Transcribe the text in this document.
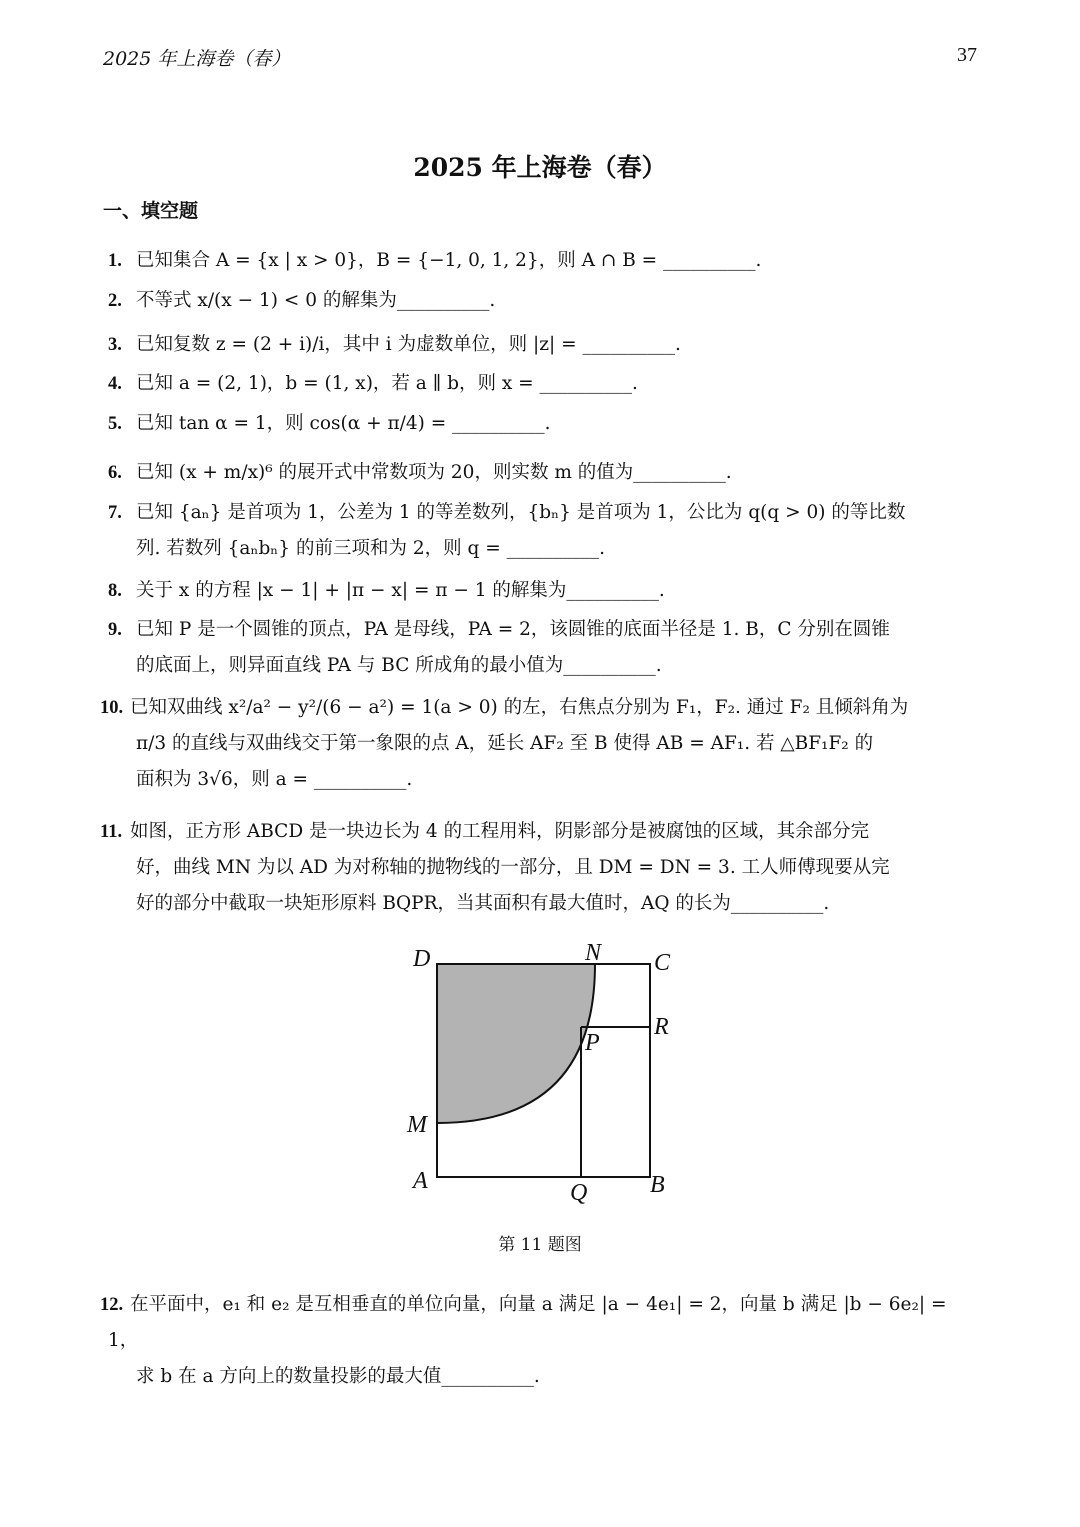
2025 年上海卷（春）	37
2025 年上海卷（春）
一、填空题
1. 已知集合 A = {x | x > 0}，B = {−1, 0, 1, 2}，则 A ∩ B = __________.
2. 不等式 x/(x − 1) < 0 的解集为__________.
3. 已知复数 z = (2 + i)/i，其中 i 为虚数单位，则 |z| = __________.
4. 已知 a = (2, 1)，b = (1, x)，若 a ∥ b，则 x = __________.
5. 已知 tan α = 1，则 cos(α + π/4) = __________.
6. 已知 (x + m/x)⁶ 的展开式中常数项为 20，则实数 m 的值为__________.
7. 已知 {aₙ} 是首项为 1，公差为 1 的等差数列，{bₙ} 是首项为 1，公比为 q(q > 0) 的等比数
列. 若数列 {aₙbₙ} 的前三项和为 2，则 q = __________.
8. 关于 x 的方程 |x − 1| + |π − x| = π − 1 的解集为__________.
9. 已知 P 是一个圆锥的顶点，PA 是母线，PA = 2，该圆锥的底面半径是 1. B，C 分别在圆锥
的底面上，则异面直线 PA 与 BC 所成角的最小值为__________.
10. 已知双曲线 x²/a² − y²/(6 − a²) = 1(a > 0) 的左，右焦点分别为 F₁，F₂. 通过 F₂ 且倾斜角为
π/3 的直线与双曲线交于第一象限的点 A，延长 AF₂ 至 B 使得 AB = AF₁. 若 △BF₁F₂ 的
面积为 3√6，则 a = __________.
11. 如图，正方形 ABCD 是一块边长为 4 的工程用料，阴影部分是被腐蚀的区域，其余部分完
好，曲线 MN 为以 AD 为对称轴的抛物线的一部分，且 DM = DN = 3. 工人师傅现要从完
好的部分中截取一块矩形原料 BQPR，当其面积有最大值时，AQ 的长为__________.
D	N C
R
P
M
A	Q	B
第 11 题图
12. 在平面中，e₁ 和 e₂ 是互相垂直的单位向量，向量 a 满足 |a − 4e₁| = 2，向量 b 满足 |b − 6e₂| = 1，
求 b 在 a 方向上的数量投影的最大值__________.
